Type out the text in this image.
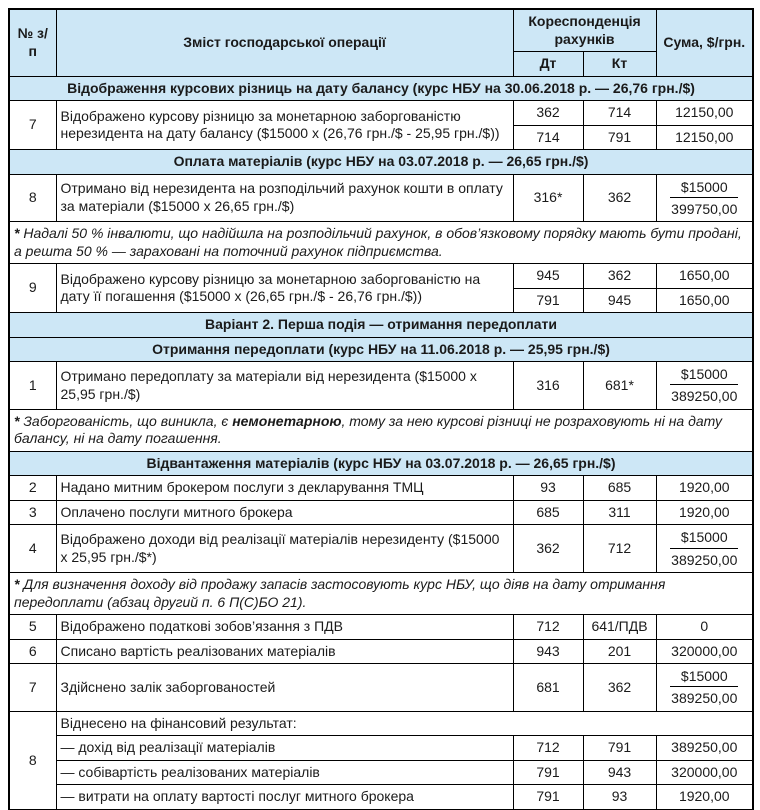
№ з/п	Зміст господарської операції	Кореспонденція рахунків		Сума, $/грн.
		Дт	Кт	
Відображення курсових різниць на дату балансу (курс НБУ на 30.06.2018 р. — 26,76 грн./$)				
7	Відображено курсову різницю за монетарною заборгованістю нерезидента на дату балансу ($15000 x (26,76 грн./$ - 25,95 грн./$))	362	714	12150,00
		714	791	12150,00
Оплата матеріалів (курс НБУ на 03.07.2018 р. — 26,65 грн./$)				
8	Отримано від нерезидента на розподільчий рахунок кошти в оплату за матеріали ($15000 x 26,65 грн./$)	316*	362	$\frac{\$15000}{399750,00}$

* Надалі 50 % інвалюти, що надійшла на розподільчий рахунок, в обов’язковому порядку мають бути продані, а решта 50 % — зараховані на поточний рахунок підприємства.				
9	Відображено курсову різницю за монетарною заборгованістю на дату її погашення ($15000 x (26,65 грн./$ - 26,76 грн./$))	945	362	1650,00
		791	945	1650,00
Варіант 2. Перша подія — отримання передоплати				
Отримання передоплати (курс НБУ на 11.06.2018 р. — 25,95 грн./$)				
1	Отримано передоплату за матеріали від нерезидента ($15000 x 25,95 грн./$)	316	681*	$\frac{\$15000}{389250,00}$

* Заборгованість, що виникла, є немонетарною, тому за нею курсові різниці не розраховують ні на дату балансу, ні на дату погашення.				
Відвантаження матеріалів (курс НБУ на 03.07.2018 р. — 26,65 грн./$)				
2	Надано митним брокером послуги з декларування ТМЦ	93	685	1920,00
3	Оплачено послуги митного брокера	685	311	1920,00
4	Відображено доходи від реалізації матеріалів нерезиденту ($15000 x 25,95 грн./$*)	362	712	$\frac{\$15000}{389250,00}$

* Для визначення доходу від продажу запасів застосовують курс НБУ, що діяв на дату отримання передоплати (абзац другий п. 6 П(С)БО 21).				
5	Відображено податкові зобов’язання з ПДВ	712	641/ПДВ	0
6	Списано вартість реалізованих матеріалів	943	201	320000,00
7	Здійснено залік заборгованостей	681	362	$\frac{\$15000}{389250,00}$

8	Віднесено на фінансовий результат:			
	— дохід від реалізації матеріалів	712	791	389250,00
	— собівартість реалізованих матеріалів	791	943	320000,00
	— витрати на оплату вартості послуг митного брокера	791	93	1920,00
